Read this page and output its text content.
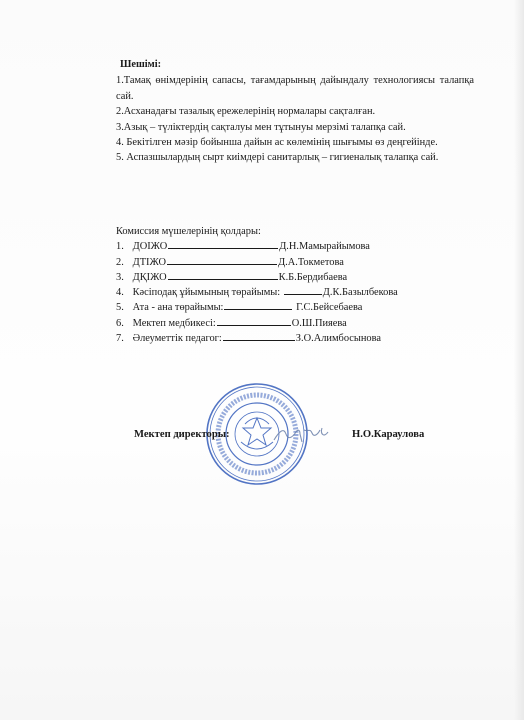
Шешімі:
1.Тамақ өнімдерінің сапасы, тағамдарының дайындалу технологиясы талапқа сай.
2.Асханадағы тазалық ережелерінің нормалары сақталған.
3.Азық – түліктердің сақталуы мен тұтынуы мерзімі талапқа сай.
4. Бекітілген мәзір бойынша дайын ас көлемінің шығымы өз деңгейінде.
5. Аспазшылардың сырт киімдері санитарлық – гигиеналық талапқа сай.
Комиссия мүшелерінің қолдары:
1. ДОІЖО	Д.Н.Мамырайымова
2. ДТІЖО	Д.А.Токметова
3. ДҚІЖО	К.Б.Бердибаева
4. Кәсіподақ ұйымының төрайымы:	Д.К.Базылбекова
5. Ата - ана төрайымы:	Г.С.Бейсебаева
6. Мектеп медбикесі:	О.Ш.Пияева
7. Әлеуметтік педагог:	З.О.Алимбосынова
Мектеп директоры:	Н.О.Караулова
